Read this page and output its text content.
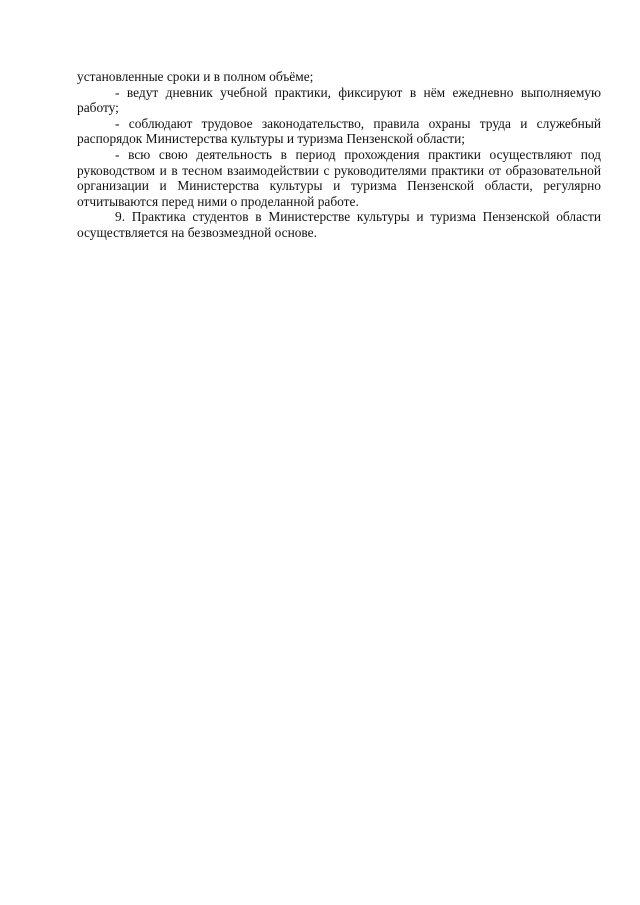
установленные сроки и в полном объёме;

- ведут дневник учебной практики, фиксируют в нём ежедневно выполняемую работу;

- соблюдают трудовое законодательство, правила охраны труда и служебный распорядок Министерства культуры и туризма Пензенской области;

- всю свою деятельность в период прохождения практики осуществляют под руководством и в тесном взаимодействии с руководителями практики от образовательной организации и Министерства культуры и туризма Пензенской области, регулярно отчитываются перед ними о проделанной работе.

9. Практика студентов в Министерстве культуры и туризма Пензенской области осуществляется на безвозмездной основе.
